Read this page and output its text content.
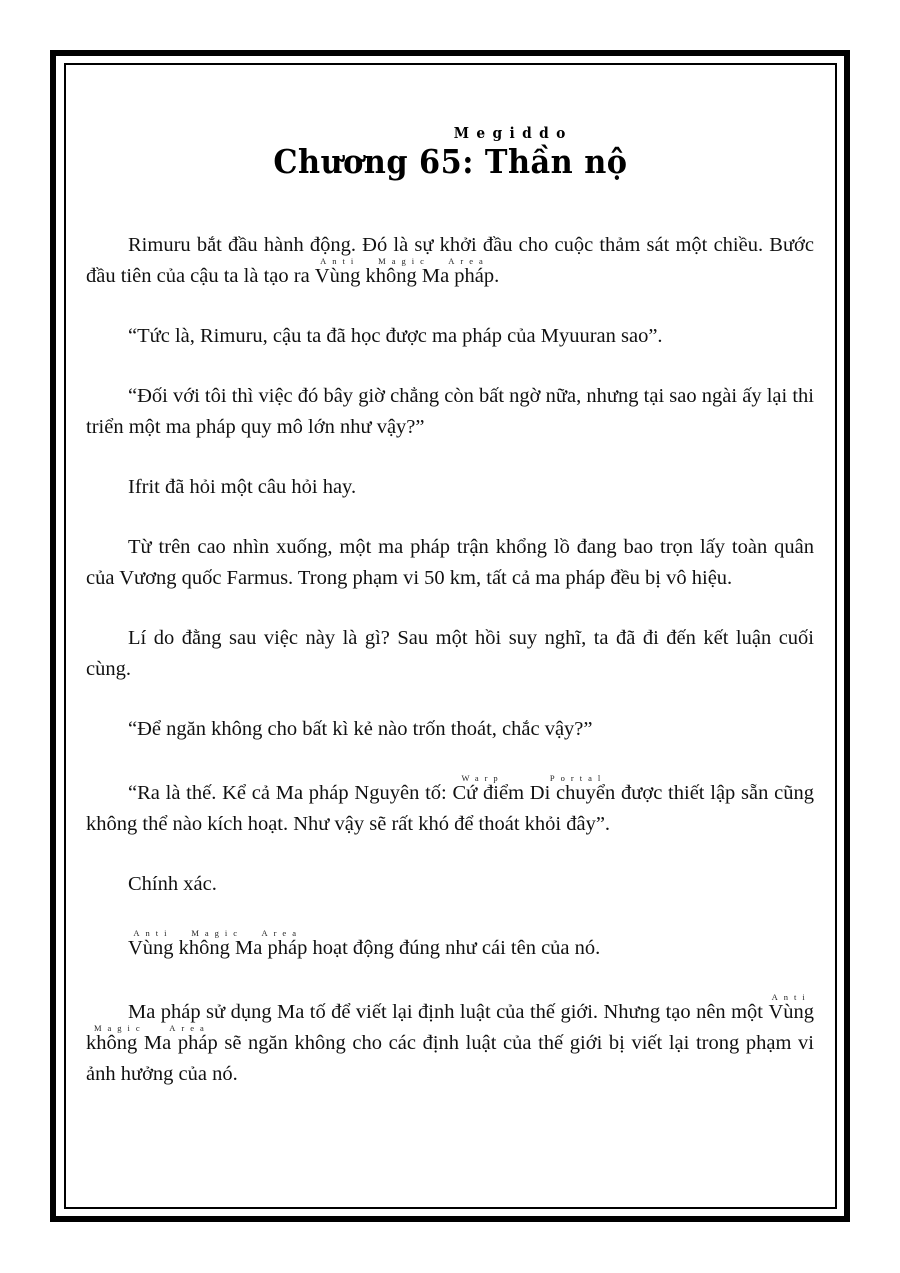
Megiddo
Chương 65: Thần nộ

Rimuru bắt đầu hành động. Đó là sự khởi đầu cho cuộc thảm sát một chiều. Bước đầu tiên của cậu ta là tạo ra Vùng không Ma phápAnti Magic Area.

“Tức là, Rimuru, cậu ta đã học được ma pháp của Myuuran sao”.

“Đối với tôi thì việc đó bây giờ chẳng còn bất ngờ nữa, nhưng tại sao ngài ấy lại thi triển một ma pháp quy mô lớn như vậy?”

Ifrit đã hỏi một câu hỏi hay.

Từ trên cao nhìn xuống, một ma pháp trận khổng lồ đang bao trọn lấy toàn quân của Vương quốc Farmus. Trong phạm vi 50 km, tất cả ma pháp đều bị vô hiệu.

Lí do đằng sau việc này là gì? Sau một hồi suy nghĩ, ta đã đi đến kết luận cuối cùng.

“Để ngăn không cho bất kì kẻ nào trốn thoát, chắc vậy?”

“Ra là thế. Kể cả Ma pháp Nguyên tố: Cứ điểm Di chuyểnWarp Portal được thiết lập sẵn cũng không thể nào kích hoạt. Như vậy sẽ rất khó để thoát khỏi đây”.

Chính xác.

Vùng không Ma phápAnti Magic Area hoạt động đúng như cái tên của nó.

Ma pháp sử dụng Ma tố để viết lại định luật của thế giới. Nhưng tạo nên một Vùng không Ma phápAnti Magic Area sẽ ngăn không cho các định luật của thế giới bị viết lại trong phạm vi ảnh hưởng của nó.
